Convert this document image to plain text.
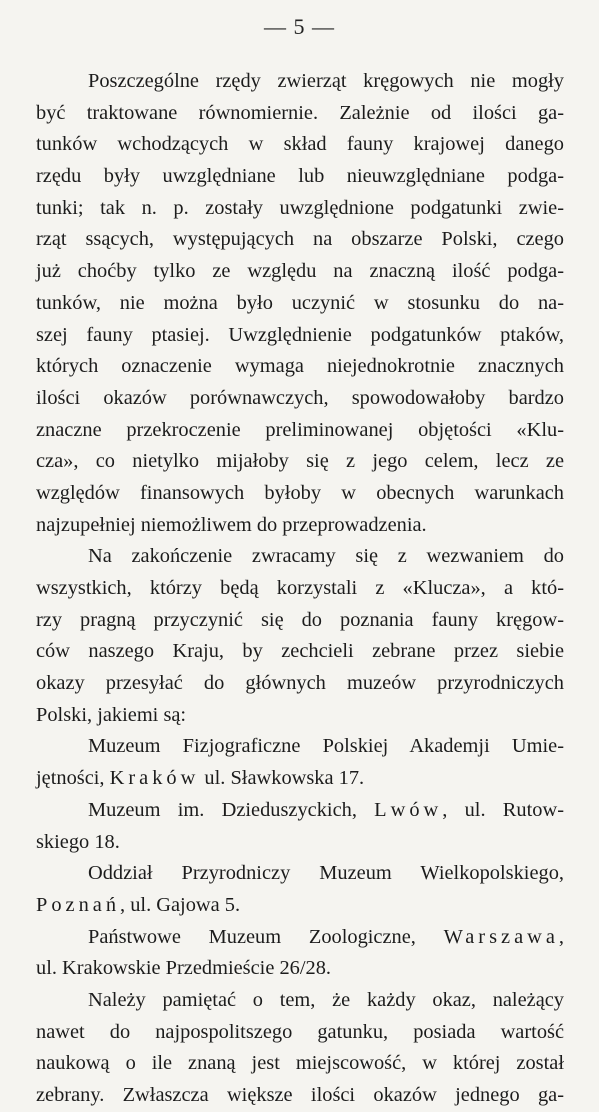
— 5 —
Poszczególne rzędy zwierząt kręgowych nie mogły
być traktowane równomiernie. Zależnie od ilości ga-
tunków wchodzących w skład fauny krajowej danego
rzędu były uwzględniane lub nieuwzględniane podga-
tunki; tak n. p. zostały uwzględnione podgatunki zwie-
rząt ssących, występujących na obszarze Polski, czego
już choćby tylko ze względu na znaczną ilość podga-
tunków, nie można było uczynić w stosunku do na-
szej fauny ptasiej. Uwzględnienie podgatunków ptaków,
których oznaczenie wymaga niejednokrotnie znacznych
ilości okazów porównawczych, spowodowałoby bardzo
znaczne przekroczenie preliminowanej objętości «Klu-
cza», co nietylko mijałoby się z jego celem, lecz ze
względów finansowych byłoby w obecnych warunkach
najzupełniej niemożliwem do przeprowadzenia.
Na zakończenie zwracamy się z wezwaniem do
wszystkich, którzy będą korzystali z «Klucza», a któ-
rzy pragną przyczynić się do poznania fauny kręgow-
ców naszego Kraju, by zechcieli zebrane przez siebie
okazy przesyłać do głównych muzeów przyrodniczych
Polski, jakiemi są:
Muzeum Fizjograficzne Polskiej Akademji Umie-
jętności, Kraków ul. Sławkowska 17.
Muzeum im. Dzieduszyckich, Lwów, ul. Rutow-
skiego 18.
Oddział Przyrodniczy Muzeum Wielkopolskiego,
Poznań, ul. Gajowa 5.
Państwowe Muzeum Zoologiczne, Warszawa,
ul. Krakowskie Przedmieście 26/28.
Należy pamiętać o tem, że każdy okaz, należący
nawet do najpospolitszego gatunku, posiada wartość
naukową o ile znaną jest miejscowość, w której został
zebrany. Zwłaszcza większe ilości okazów jednego ga-
